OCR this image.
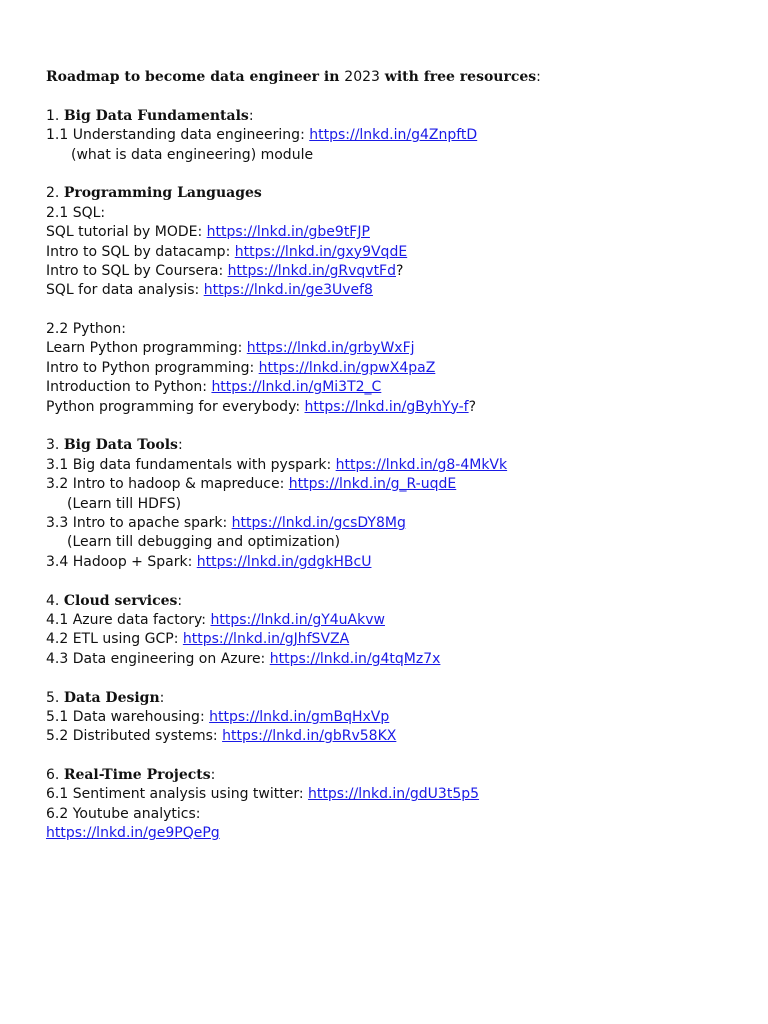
Roadmap to become data engineer in 2023 with free resources:
1. Big Data Fundamentals:
1.1 Understanding data engineering: https://lnkd.in/g4ZnpftD
(what is data engineering) module
2. Programming Languages
2.1 SQL:
SQL tutorial by MODE: https://lnkd.in/gbe9tFJP
Intro to SQL by datacamp: https://lnkd.in/gxy9VqdE
Intro to SQL by Coursera: https://lnkd.in/gRvqvtFd?
SQL for data analysis: https://lnkd.in/ge3Uvef8
2.2 Python:
Learn Python programming: https://lnkd.in/grbyWxFj
Intro to Python programming: https://lnkd.in/gpwX4paZ
Introduction to Python: https://lnkd.in/gMi3T2_C
Python programming for everybody: https://lnkd.in/gByhYy-f?
3. Big Data Tools:
3.1 Big data fundamentals with pyspark: https://lnkd.in/g8-4MkVk
3.2 Intro to hadoop & mapreduce: https://lnkd.in/g_R-uqdE
(Learn till HDFS)
3.3 Intro to apache spark: https://lnkd.in/gcsDY8Mg
(Learn till debugging and optimization)
3.4 Hadoop + Spark: https://lnkd.in/gdgkHBcU
4. Cloud services:
4.1 Azure data factory: https://lnkd.in/gY4uAkvw
4.2 ETL using GCP: https://lnkd.in/gJhfSVZA
4.3 Data engineering on Azure: https://lnkd.in/g4tqMz7x
5. Data Design:
5.1 Data warehousing: https://lnkd.in/gmBqHxVp
5.2 Distributed systems: https://lnkd.in/gbRv58KX
6. Real-Time Projects:
6.1 Sentiment analysis using twitter: https://lnkd.in/gdU3t5p5
6.2 Youtube analytics:
https://lnkd.in/ge9PQePg
